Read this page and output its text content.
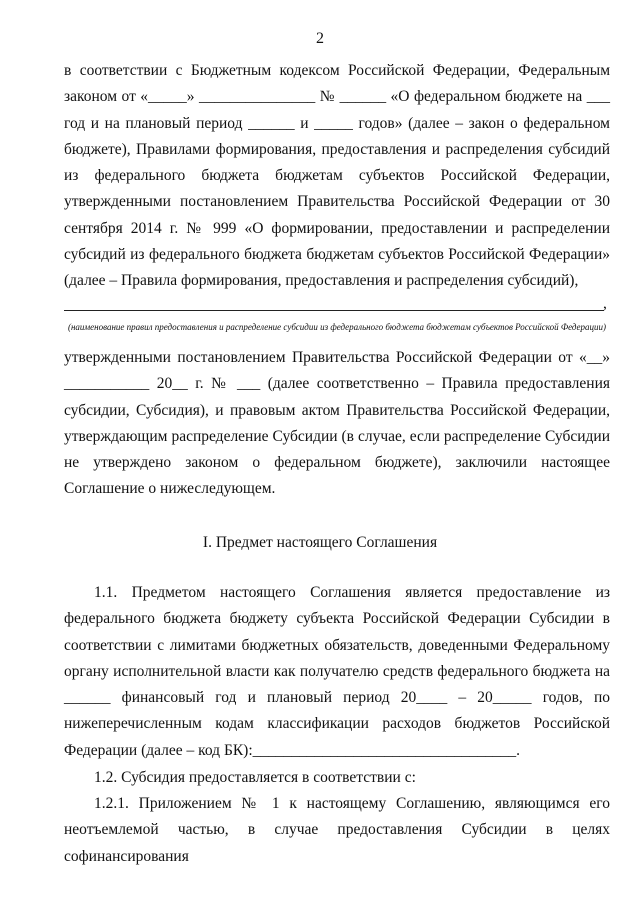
2

в соответствии с Бюджетным кодексом Российской Федерации, Федеральным законом от «_____» _______________ № ______ «О федеральном бюджете на ___ год и на плановый период ______ и _____ годов» (далее – закон о федеральном бюджете), Правилами формирования, предоставления и распределения субсидий из федерального бюджета бюджетам субъектов Российской Федерации, утвержденными постановлением Правительства Российской Федерации от 30 сентября 2014 г. № 999 «О формировании, предоставлении и распределении субсидий из федерального бюджета бюджетам субъектов Российской Федерации» (далее – Правила формирования, предоставления и распределения субсидий),

,
(наименование правил предоставления и распределение субсидии из федерального бюджета бюджетам субъектов Российской Федерации)

утвержденными постановлением Правительства Российской Федерации от «__» ___________ 20__ г. № ___ (далее соответственно – Правила предоставления субсидии, Субсидия), и правовым актом Правительства Российской Федерации, утверждающим распределение Субсидии (в случае, если распределение Субсидии не утверждено законом о федеральном бюджете), заключили настоящее Соглашение о нижеследующем.

I. Предмет настоящего Соглашения

1.1. Предметом настоящего Соглашения является предоставление из федерального бюджета бюджету субъекта Российской Федерации Субсидии в соответствии с лимитами бюджетных обязательств, доведенными Федеральному органу исполнительной власти как получателю средств федерального бюджета на ______ финансовый год и плановый период 20____ – 20_____ годов, по нижеперечисленным кодам классификации расходов бюджетов Российской Федерации (далее – код БК):__________________________________.

1.2. Субсидия предоставляется в соответствии с:

1.2.1. Приложением № 1 к настоящему Соглашению, являющимся его неотъемлемой частью, в случае предоставления Субсидии в целях софинансирования
